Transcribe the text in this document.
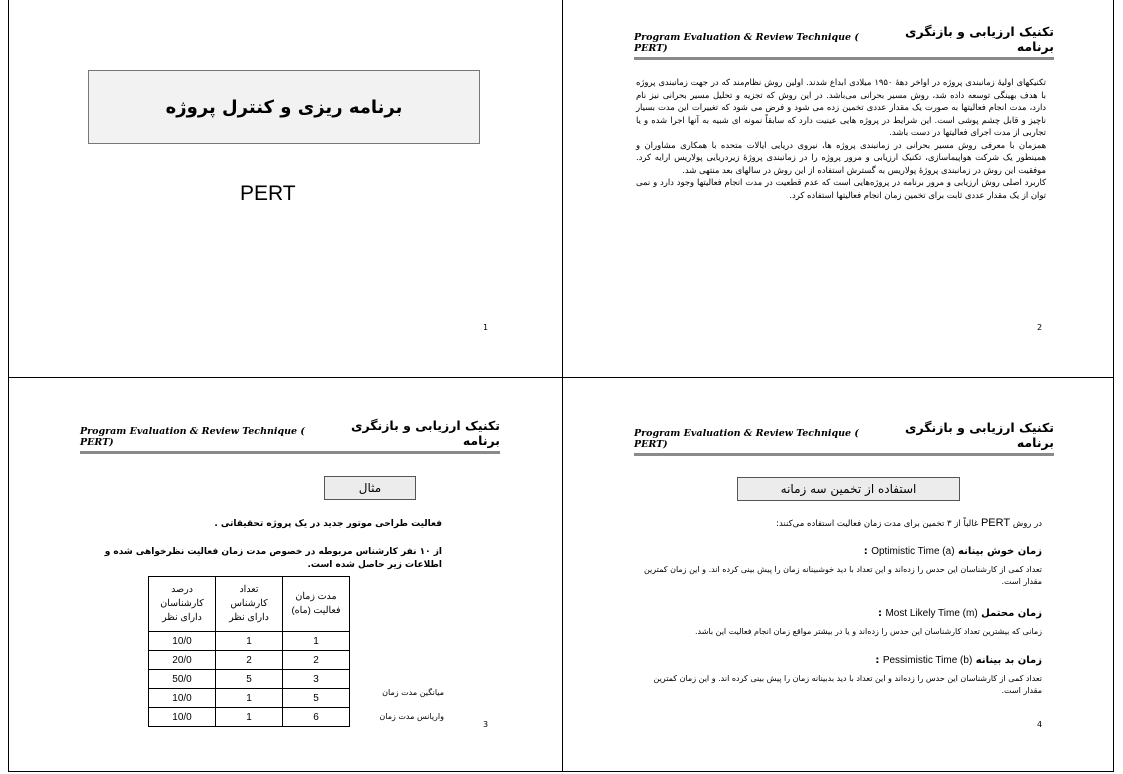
برنامه ریزی و کنترل پروژه
PERT
1
Program Evaluation & Review Technique ( PERT)
تکنیک ارزیابی و بازنگری برنامه
تکنیکهای اولیهٔ زمانبندی پروژه در اواخر دههٔ ۱۹۵۰ میلادی ابداع شدند. اولین روش نظام‌مند که در جهت زمانبندی پروژه با هدف بهینگی توسعه داده شد، روش مسیر بحرانی می‌باشد. در این روش که تجزیه و تحلیل مسیر بحرانی نیز نام دارد، مدت انجام فعالیتها به صورت یک مقدار عددی تخمین زده می شود و فرض می شود که تغییرات این مدت بسیار ناچیز و قابل چشم پوشی است. این شرایط در پروژه هایی عینیت دارد که سابقاً نمونه ای شبیه به آنها اجرا شده و یا تجاربی از مدت اجرای فعالیتها در دست باشد.
همزمان با معرفی روش مسیر بحرانی در زمانبندی پروژه ها، نیروی دریایی ایالات متحده با همکاری مشاوران و همینطور یک شرکت هواپیماسازی، تکنیک ارزیابی و مرور پروژه را در زمانبندی پروژهٔ زیردریایی پولاریس ارایه کرد. موفقیت این روش در زمانبندی پروژهٔ پولاریس به گسترش استفاده از این روش در سالهای بعد منتهی شد.
کاربرد اصلی روش ارزیابی و مرور برنامه در پروژه‌هایی است که عدم قطعیت در مدت انجام فعالیتها وجود دارد و نمی توان از یک مقدار عددی ثابت برای تخمین زمان انجام فعالیتها استفاده کرد.
2
Program Evaluation & Review Technique ( PERT)
تکنیک ارزیابی و بازنگری برنامه
مثال
فعالیت طراحی موتور جدید در یک پروژه تحقیقاتی .
از ۱۰ نفر کارشناس مربوطه در خصوص مدت زمان فعالیت نظرخواهی شده و اطلاعات زیر حاصل شده است.
درصد کارشناسان دارای نظر	تعداد کارشناس دارای نظر	مدت زمان فعالیت (ماه)
10/0	1	1
20/0	2	2
50/0	5	3
10/0	1	5
10/0	1	6
میانگین مدت زمان
واریانس مدت زمان
3
Program Evaluation & Review Technique ( PERT)
تکنیک ارزیابی و بازنگری برنامه
استفاده از تخمین سه زمانه
در روش PERT غالباً از ۳ تخمین برای مدت زمان فعالیت استفاده می‌کنند:
زمان خوش بینانه Optimistic Time (a) :
تعداد کمی از کارشناسان این حدس را زده‌اند و این تعداد با دید خوشبینانه زمان را پیش بینی کرده اند. و این زمان کمترین مقدار است.
زمان محتمل Most Likely Time (m) :
زمانی که بیشترین تعداد کارشناسان این حدس را زده‌اند و یا در بیشتر مواقع زمان انجام فعالیت این باشد.
زمان بد بینانه Pessimistic Time (b) :
تعداد کمی از کارشناسان این حدس را زده‌اند و این تعداد با دید بدبینانه زمان را پیش بینی کرده اند. و این زمان کمترین مقدار است.
4
